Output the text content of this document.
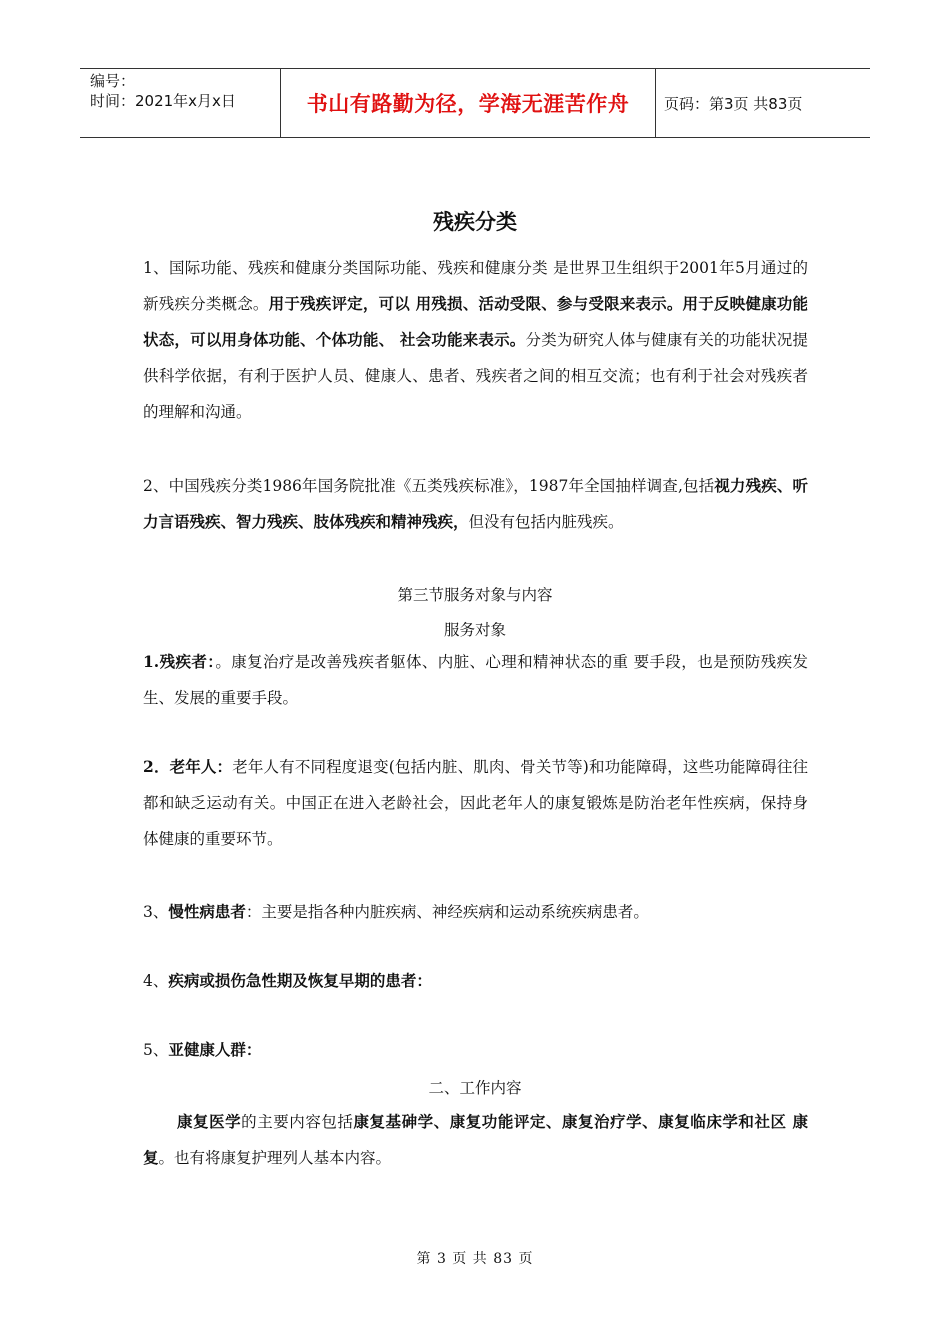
编号：
时间：2021年x月x日	书山有路勤为径，学海无涯苦作舟	页码：第3页 共83页
残疾分类
1、国际功能、残疾和健康分类国际功能、残疾和健康分类 是世界卫生组织于2001年5月通过的新残疾分类概念。用于残疾评定，可以 用残损、活动受限、参与受限来表示。用于反映健康功能状态，可以用身体功能、个体功能、 社会功能来表示。分类为研究人体与健康有关的功能状况提供科学依据，有利于医护人员、健康人、患者、残疾者之间的相互交流；也有利于社会对残疾者的理解和沟通。
2、中国残疾分类1986年国务院批准《五类残疾标准》，1987年全国抽样调查,包括视力残疾、听力言语残疾、智力残疾、肢体残疾和精神残疾，但没有包括内脏残疾。
第三节服务对象与内容
服务对象
1.残疾者：。康复治疗是改善残疾者躯体、内脏、心理和精神状态的重 要手段，也是预防残疾发生、发展的重要手段。
2．老年人：老年人有不同程度退变(包括内脏、肌肉、骨关节等)和功能障碍，这些功能障碍往往都和缺乏运动有关。中国正在进入老龄社会，因此老年人的康复锻炼是防治老年性疾病，保持身体健康的重要环节。
3、慢性病患者：主要是指各种内脏疾病、神经疾病和运动系统疾病患者。
4、疾病或损伤急性期及恢复早期的患者：
5、亚健康人群：
二、工作内容
康复医学的主要内容包括康复基砷学、康复功能评定、康复治疗学、康复临床学和社区 康复。也有将康复护理列人基本内容。
第 3 页 共 83 页
